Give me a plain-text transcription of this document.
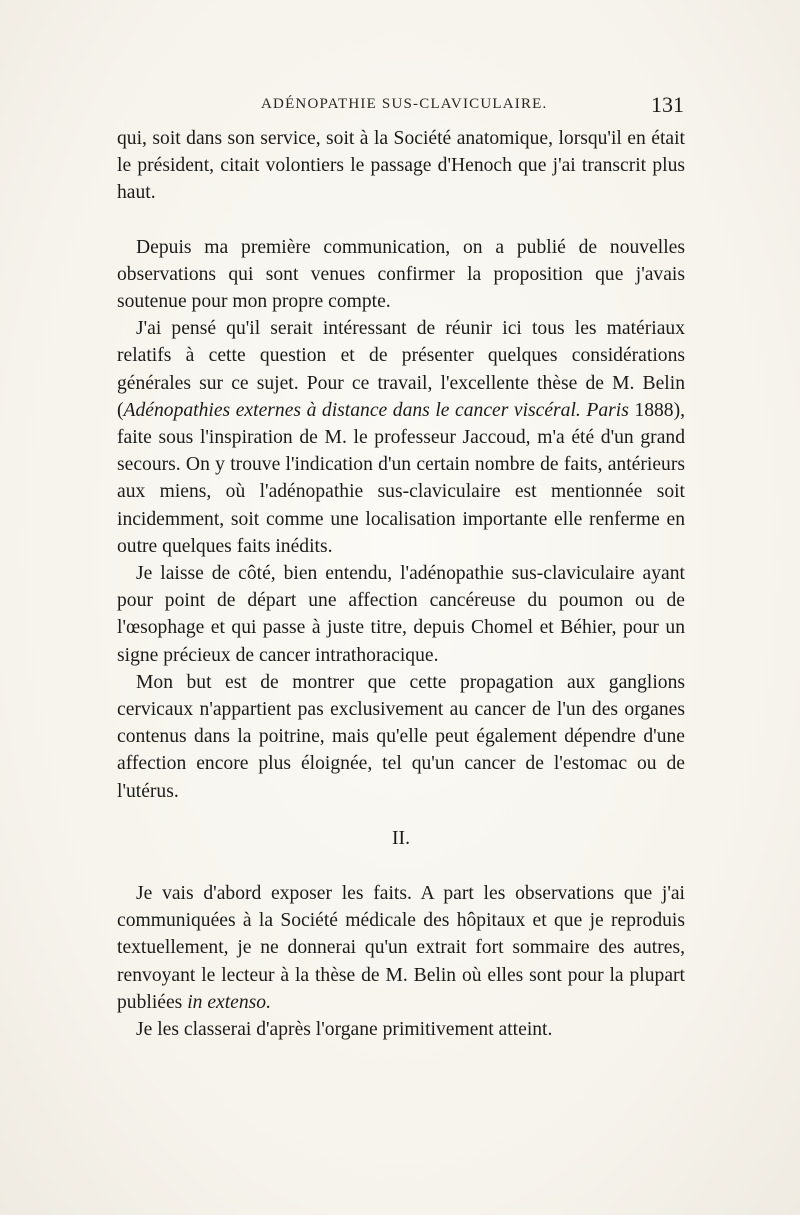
ADÉNOPATHIE SUS-CLAVICULAIRE.	131

qui, soit dans son service, soit à la Société anatomique, lorsqu'il en était le président, citait volontiers le passage d'Henoch que j'ai transcrit plus haut.

Depuis ma première communication, on a publié de nouvelles observations qui sont venues confirmer la proposition que j'avais soutenue pour mon propre compte.

J'ai pensé qu'il serait intéressant de réunir ici tous les matériaux relatifs à cette question et de présenter quelques considérations générales sur ce sujet. Pour ce travail, l'excellente thèse de M. Belin (Adénopathies externes à distance dans le cancer viscéral. Paris 1888), faite sous l'inspiration de M. le professeur Jaccoud, m'a été d'un grand secours. On y trouve l'indication d'un certain nombre de faits, antérieurs aux miens, où l'adénopathie sus-claviculaire est mentionnée soit incidemment, soit comme une localisation importante elle renferme en outre quelques faits inédits.

Je laisse de côté, bien entendu, l'adénopathie sus-claviculaire ayant pour point de départ une affection cancéreuse du poumon ou de l'œsophage et qui passe à juste titre, depuis Chomel et Béhier, pour un signe précieux de cancer intrathoracique.

Mon but est de montrer que cette propagation aux ganglions cervicaux n'appartient pas exclusivement au cancer de l'un des organes contenus dans la poitrine, mais qu'elle peut également dépendre d'une affection encore plus éloignée, tel qu'un cancer de l'estomac ou de l'utérus.

II.

Je vais d'abord exposer les faits. A part les observations que j'ai communiquées à la Société médicale des hôpitaux et que je reproduis textuellement, je ne donnerai qu'un extrait fort sommaire des autres, renvoyant le lecteur à la thèse de M. Belin où elles sont pour la plupart publiées in extenso.

Je les classerai d'après l'organe primitivement atteint.
